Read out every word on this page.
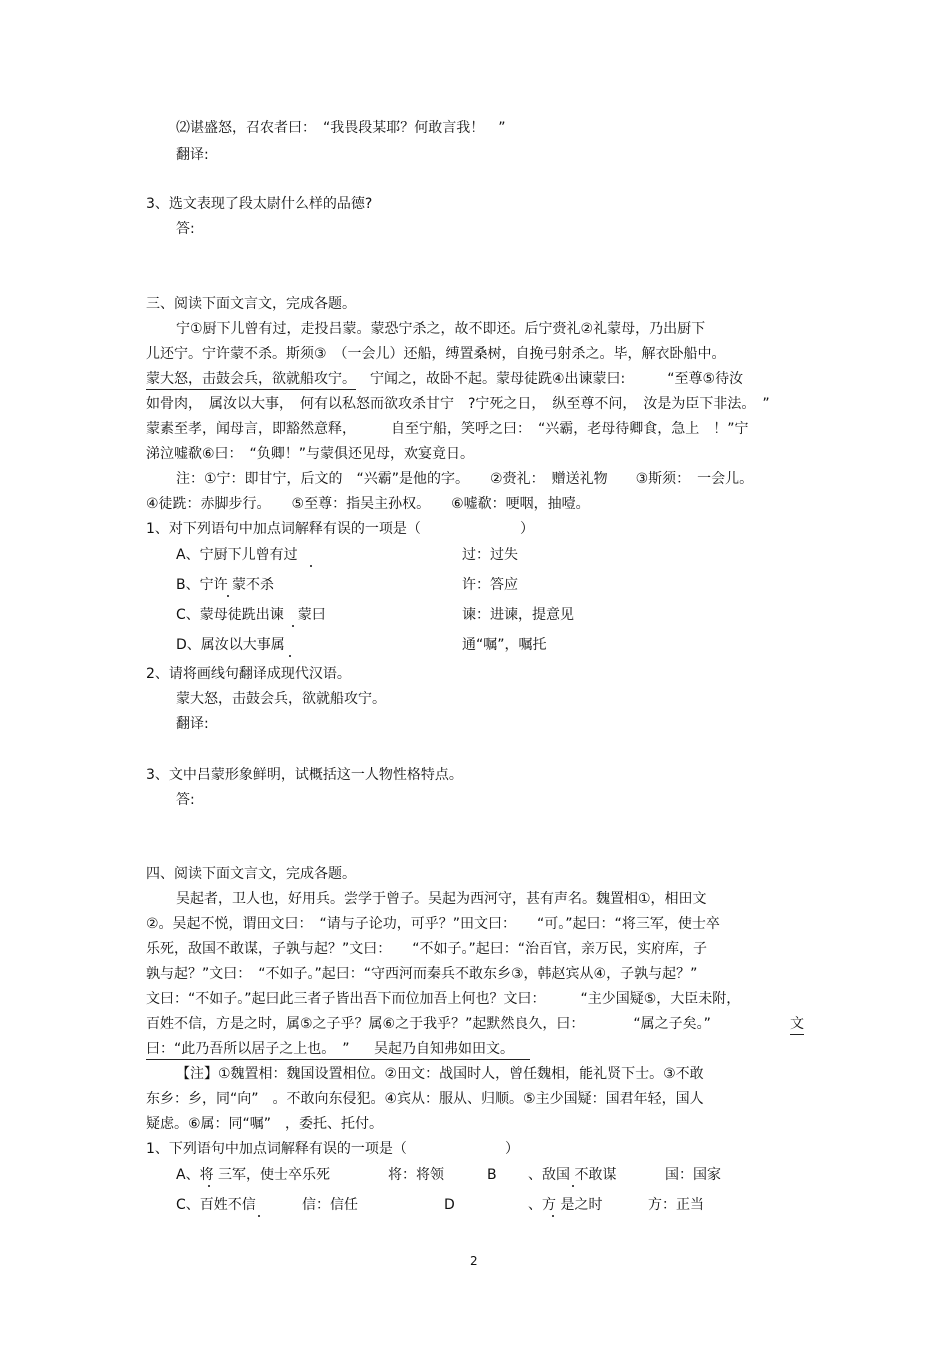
⑵谌盛怒，召农者曰：　“我畏段某耶？何敢言我！　”
翻译:
3、选文表现了段太尉什么样的品德?
答:
三、阅读下面文言文，完成各题。
宁①厨下儿曾有过，走投吕蒙。蒙恐宁杀之，故不即还。后宁赍礼②礼蒙母，乃出厨下
儿还宁。宁许蒙不杀。斯须③　（一会儿）还船，缚置桑树，自挽弓射杀之。毕，解衣卧船中。
蒙大怒，击鼓会兵，欲就船攻宁。 宁闻之，故卧不起。蒙母徒跣④出谏蒙曰:　　　“至尊⑤待汝
如骨肉，　属汝以大事，　何有以私怒而欲攻杀甘宁　?宁死之日，　纵至尊不问，　汝是为臣下非法。　”
蒙素至孝，闻母言，即豁然意释，　　　自至宁船，笑呼之曰：　“兴霸，老母待卿食，急上　！”宁
涕泣嘘欷⑥曰：　“负卿！”与蒙俱还见母，欢宴竟日。
注：①宁：即甘宁，后文的　“兴霸”是他的字。　　②赍礼：　赠送礼物　　③斯须：　一会儿。
④徒跣：赤脚步行。　　⑤至尊：指吴主孙权。　　⑥嘘欷：哽咽，抽噎。
1、对下列语句中加点词解释有误的一项是（	）
A、宁厨下儿曾有过	过：过失
B、宁许 蒙不杀	许：答应
C、蒙母徒跣出谏　蒙曰	谏：进谏，提意见
D、属汝以大事属	通“嘱”，嘱托
2、请将画线句翻译成现代汉语。
蒙大怒，击鼓会兵，欲就船攻宁。
翻译:
3、文中吕蒙形象鲜明，试概括这一人物性格特点。
答:
四、阅读下面文言文，完成各题。
吴起者，卫人也，好用兵。尝学于曾子。吴起为西河守，甚有声名。魏置相①，相田文
②。吴起不悦，谓田文曰：　“请与子论功，可乎？”田文曰：　　“可。”起曰：“将三军，使士卒
乐死，敌国不敢谋，子孰与起？”文曰：　　“不如子。”起曰：“治百官，亲万民，实府库，子
孰与起？”文曰：　“不如子。”起曰：“守西河而秦兵不敢东乡③，韩赵宾从④，子孰与起？”
文曰：“不如子。”起曰此三者子皆出吾下而位加吾上何也？文曰：　　　“主少国疑⑤，大臣未附，
百姓不信，方是之时，属⑤之子乎？属⑥之于我乎？”起默然良久，曰：　　　　“属之子矣。”	文
曰：“此乃吾所以居子之上也。　”	吴起乃自知弗如田文。
【注】①魏置相：魏国设置相位。②田文：战国时人，曾任魏相，能礼贤下士。③不敢
东乡：乡，同“向”　。不敢向东侵犯。④宾从：服从、归顺。⑤主少国疑：国君年轻，国人
疑虑。⑥属：同“嘱”　，委托、托付。
1、下列语句中加点词解释有误的一项是（	）
A、将 三军，使士卒乐死	将：将领	B 、敌国 不敢谋	国：国家
C、百姓不信	信：信任	D	、方 是之时	方：正当
2
